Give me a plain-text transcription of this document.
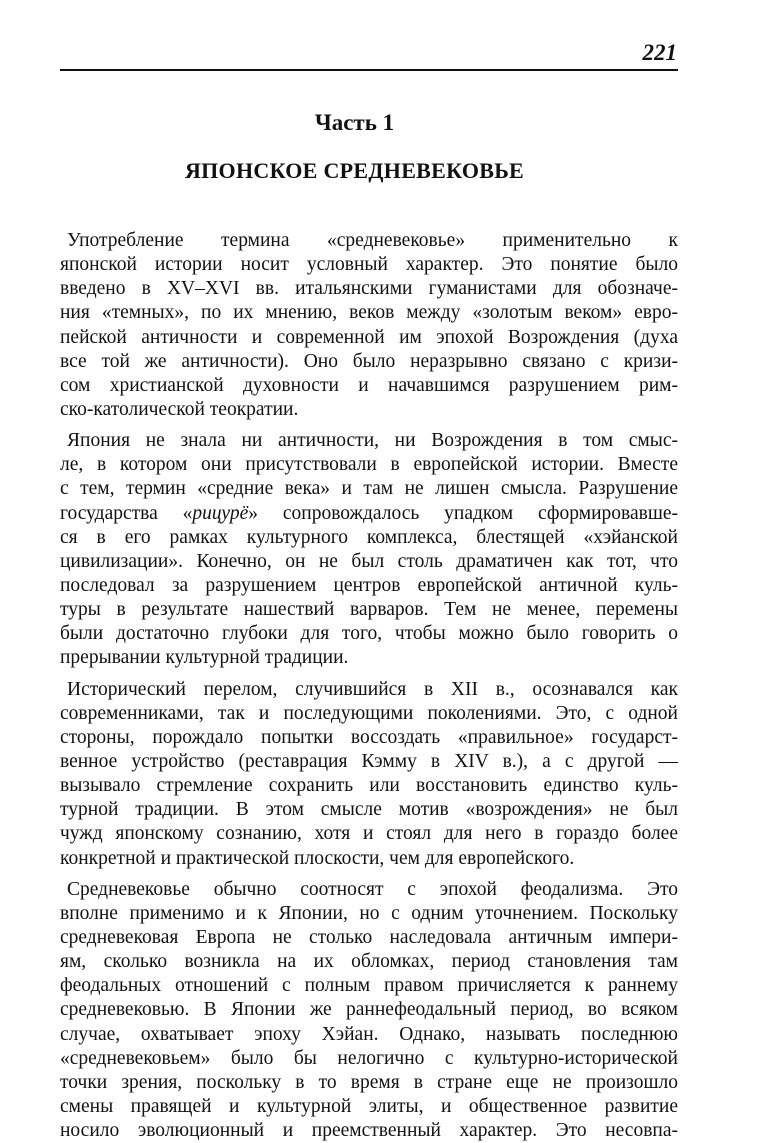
221
Часть 1
ЯПОНСКОЕ СРЕДНЕВЕКОВЬЕ

Употребление термина «средневековье» применительно к
японской истории носит условный характер. Это понятие было
введено в XV–XVI вв. итальянскими гуманистами для обозначе-
ния «темных», по их мнению, веков между «золотым веком» евро-
пейской античности и современной им эпохой Возрождения (духа
все той же античности). Оно было неразрывно связано с кризи-
сом христианской духовности и начавшимся разрушением рим-
ско-католической теократии.

Япония не знала ни античности, ни Возрождения в том смыс-
ле, в котором они присутствовали в европейской истории. Вместе
с тем, термин «средние века» и там не лишен смысла. Разрушение
государства «рицурё» сопровождалось упадком сформировавше-
ся в его рамках культурного комплекса, блестящей «хэйанской
цивилизации». Конечно, он не был столь драматичен как тот, что
последовал за разрушением центров европейской античной куль-
туры в результате нашествий варваров. Тем не менее, перемены
были достаточно глубоки для того, чтобы можно было говорить о
прерывании культурной традиции.

Исторический перелом, случившийся в XII в., осознавался как
современниками, так и последующими поколениями. Это, с одной
стороны, порождало попытки воссоздать «правильное» государст-
венное устройство (реставрация Кэмму в XIV в.), а с другой —
вызывало стремление сохранить или восстановить единство куль-
турной традиции. В этом смысле мотив «возрождения» не был
чужд японскому сознанию, хотя и стоял для него в гораздо более
конкретной и практической плоскости, чем для европейского.

Средневековье обычно соотносят с эпохой феодализма. Это
вполне применимо и к Японии, но с одним уточнением. Поскольку
средневековая Европа не столько наследовала античным импери-
ям, сколько возникла на их обломках, период становления там
феодальных отношений с полным правом причисляется к раннему
средневековью. В Японии же раннефеодальный период, во всяком
случае, охватывает эпоху Хэйан. Однако, называть последнюю
«средневековьем» было бы нелогично с культурно-исторической
точки зрения, поскольку в то время в стране еще не произошло
смены правящей и культурной элиты, и общественное развитие
носило эволюционный и преемственный характер. Это несовпа-
